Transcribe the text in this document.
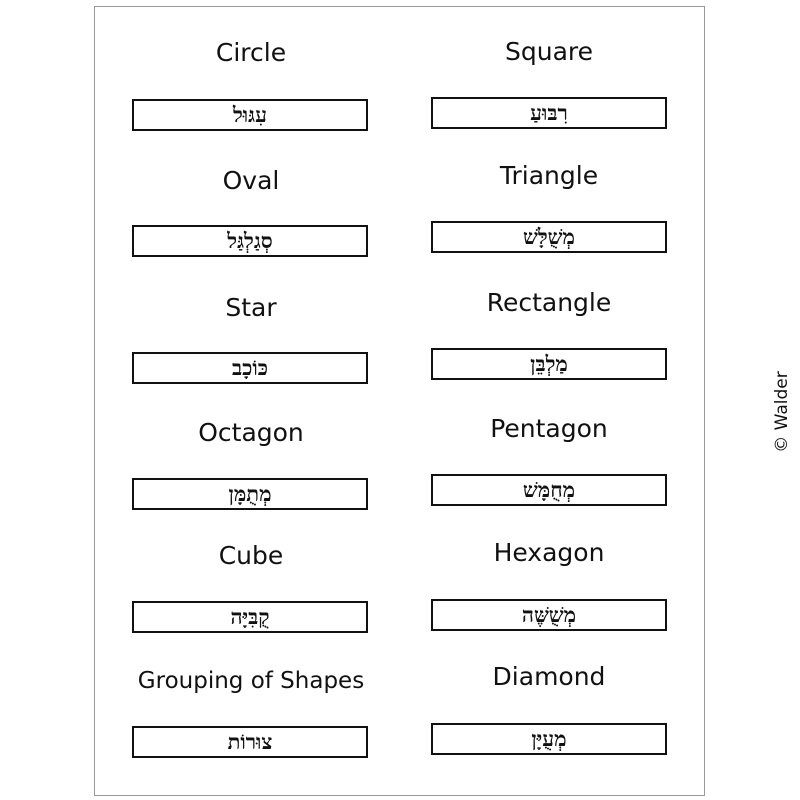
Circle
עִגּוּל
Square
רִבּוּעַ
Oval
סְגַלְגַּל
Triangle
מְשֻׁלָּשׁ
Star
כּוֹכָב
Rectangle
מַלְבֵּן
Octagon
מְתֻמָּן
Pentagon
מְחֻמָּשׁ
Cube
קֻבִּיָּה
Hexagon
מְשֻׁשֶּׁה
Grouping of Shapes
צוּרוֹת
Diamond
מְעֻיָּן
© Walder
